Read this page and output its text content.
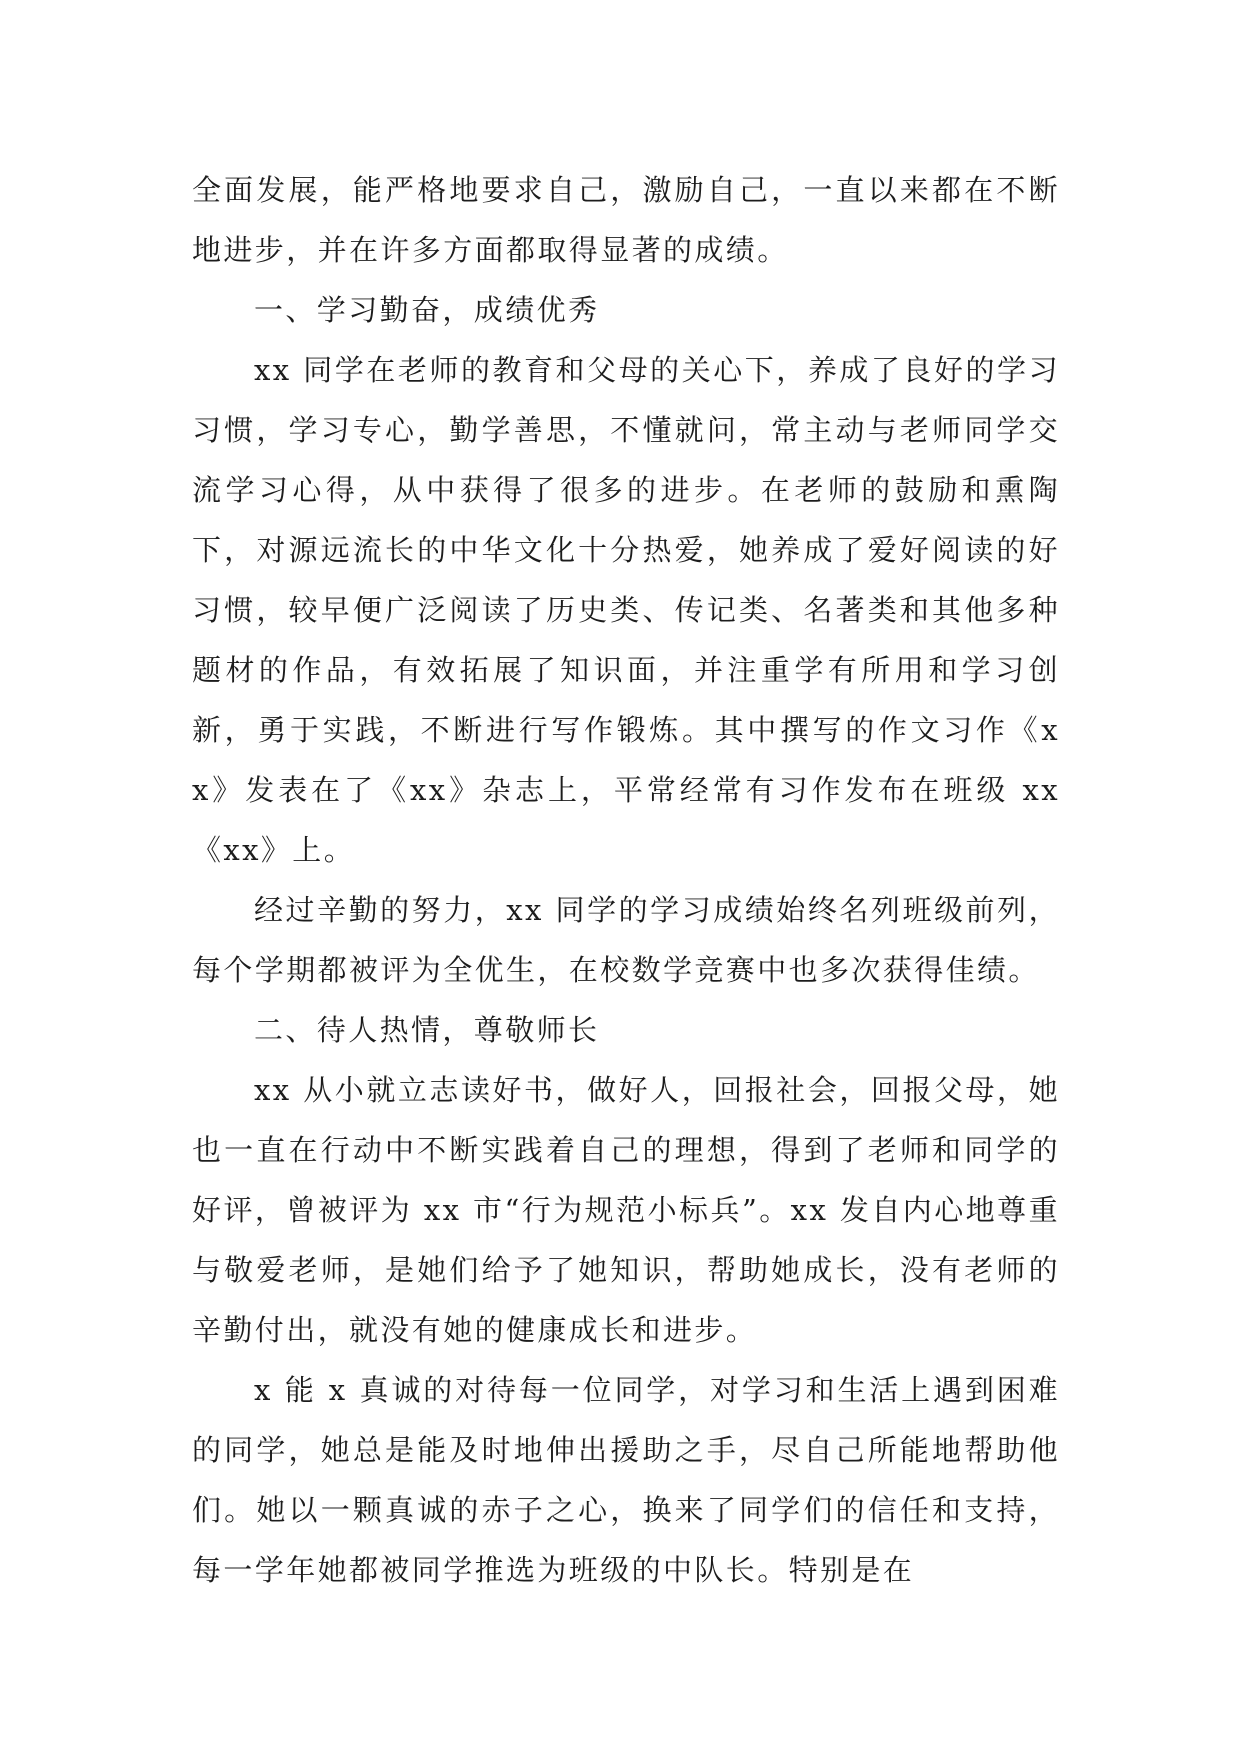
全面发展，能严格地要求自己，激励自己，一直以来都在不断地进步，并在许多方面都取得显著的成绩。

一、学习勤奋，成绩优秀

xx 同学在老师的教育和父母的关心下，养成了良好的学习习惯，学习专心，勤学善思，不懂就问，常主动与老师同学交流学习心得，从中获得了很多的进步。在老师的鼓励和熏陶下，对源远流长的中华文化十分热爱，她养成了爱好阅读的好习惯，较早便广泛阅读了历史类、传记类、名著类和其他多种题材的作品，有效拓展了知识面，并注重学有所用和学习创新，勇于实践，不断进行写作锻炼。其中撰写的作文习作《xx》发表在了《xx》杂志上，平常经常有习作发布在班级 xx《xx》上。

经过辛勤的努力，xx 同学的学习成绩始终名列班级前列，每个学期都被评为全优生，在校数学竞赛中也多次获得佳绩。

二、待人热情，尊敬师长

xx 从小就立志读好书，做好人，回报社会，回报父母，她也一直在行动中不断实践着自己的理想，得到了老师和同学的好评，曾被评为 xx 市“行为规范小标兵”。xx 发自内心地尊重与敬爱老师，是她们给予了她知识，帮助她成长，没有老师的辛勤付出，就没有她的健康成长和进步。

x 能 x 真诚的对待每一位同学，对学习和生活上遇到困难的同学，她总是能及时地伸出援助之手，尽自己所能地帮助他们。她以一颗真诚的赤子之心，换来了同学们的信任和支持，每一学年她都被同学推选为班级的中队长。特别是在
